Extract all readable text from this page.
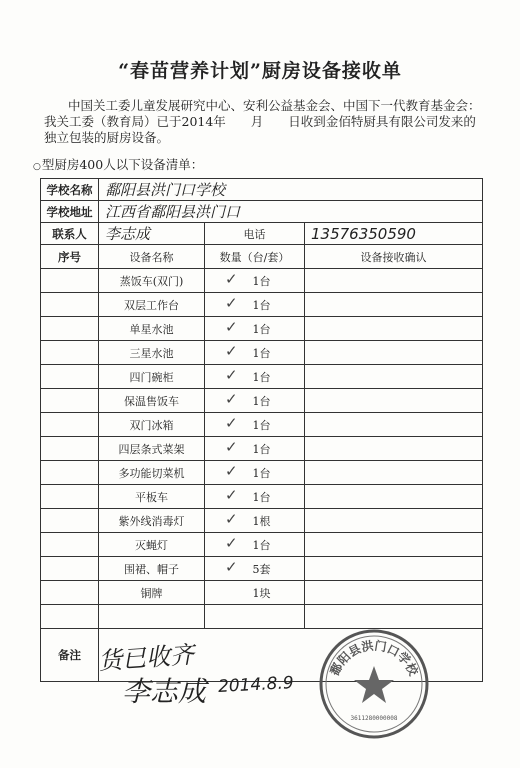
“春苗营养计划”厨房设备接收单
中国关工委儿童发展研究中心、安利公益基金会、中国下一代教育基金会：我关工委（教育局）已于2014年　　月　　日收到金佰特厨具有限公司发来的独立包装的厨房设备。
○型厨房400人以下设备清单：
学校名称	鄱阳县洪门口学校		
学校地址	江西省鄱阳县洪门口		
联系人	李志成	电话	13576350590
序号	设备名称	数量（台/套）	设备接收确认
	蒸饭车(双门)	✓ 1台	
	双层工作台	✓ 1台	
	单星水池	✓ 1台	
	三星水池	✓ 1台	
	四门碗柜	✓ 1台	
	保温售饭车	✓ 1台	
	双门冰箱	✓ 1台	
	四层条式菜架	✓ 1台	
	多功能切菜机	✓ 1台	
	平板车	✓ 1台	
	紫外线消毒灯	✓ 1根	
	灭蝇灯	✓ 1台	
	围裙、帽子	✓ 5套	
	铜牌	1块	

备注			货已收齐
李志成 2014.8.9
鄱阳县洪门口学校
3611280000008
